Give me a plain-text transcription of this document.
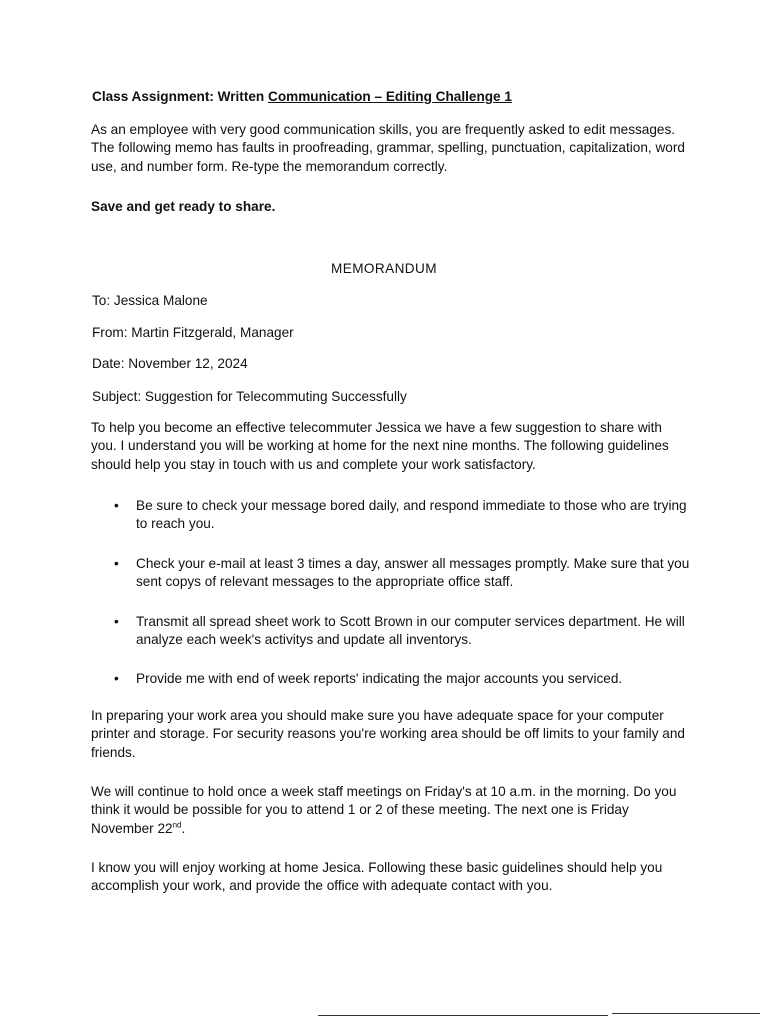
Class Assignment: Written Communication – Editing Challenge 1
As an employee with very good communication skills, you are frequently asked to edit messages. The following memo has faults in proofreading, grammar, spelling, punctuation, capitalization, word use, and number form. Re-type the memorandum correctly.
Save and get ready to share.
MEMORANDUM
To: Jessica Malone
From: Martin Fitzgerald, Manager
Date: November 12, 2024
Subject: Suggestion for Telecommuting Successfully
To help you become an effective telecommuter Jessica we have a few suggestion to share with you. I understand you will be working at home for the next nine months. The following guidelines should help you stay in touch with us and complete your work satisfactory.
• Be sure to check your message bored daily, and respond immediate to those who are trying to reach you.
• Check your e-mail at least 3 times a day, answer all messages promptly. Make sure that you sent copys of relevant messages to the appropriate office staff.
• Transmit all spread sheet work to Scott Brown in our computer services department. He will analyze each week's activitys and update all inventorys.
• Provide me with end of week reports' indicating the major accounts you serviced.
In preparing your work area you should make sure you have adequate space for your computer printer and storage. For security reasons you're working area should be off limits to your family and friends.
We will continue to hold once a week staff meetings on Friday's at 10 a.m. in the morning. Do you think it would be possible for you to attend 1 or 2 of these meeting. The next one is Friday November 22nd.
I know you will enjoy working at home Jesica. Following these basic guidelines should help you accomplish your work, and provide the office with adequate contact with you.
